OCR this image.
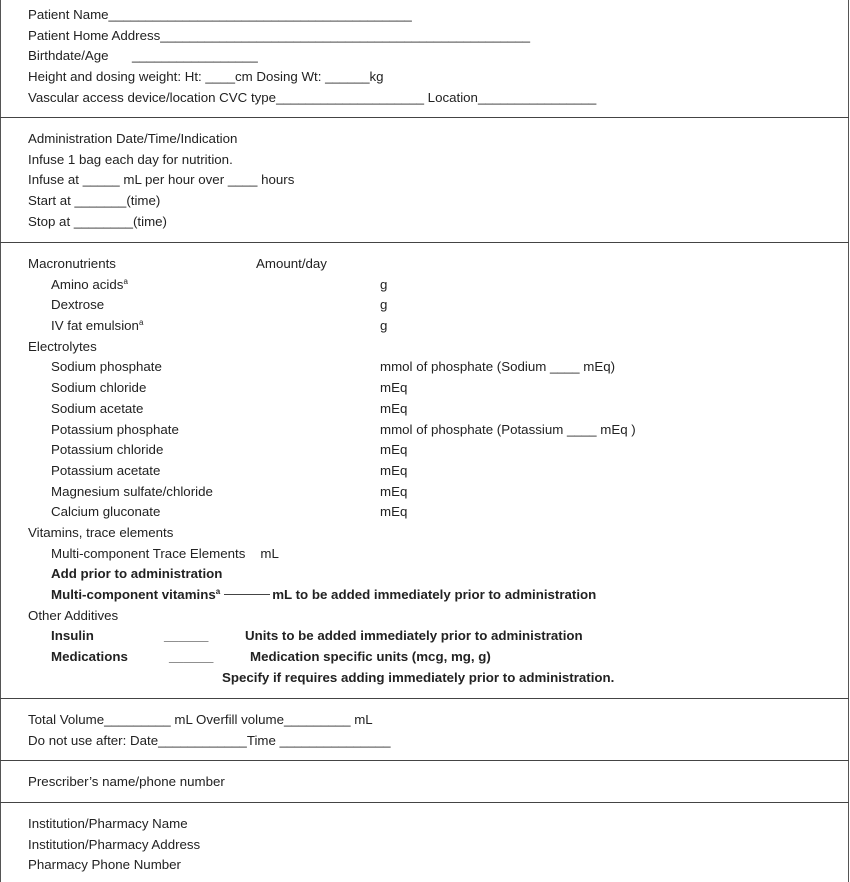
Patient Name_________________________________________
Patient Home Address__________________________________________________
Birthdate/Age _________________
Height and dosing weight: Ht: ____cm Dosing Wt: ______kg
Vascular access device/location CVC type____________________ Location________________
Administration Date/Time/Indication
Infuse 1 bag each day for nutrition.
Infuse at _____ mL per hour over ____ hours
Start at _______(time)
Stop at ________(time)
Macronutrients	Amount/day
Amino acids$^a$	g
Dextrose	g
IV fat emulsion$^a$	g
Electrolytes
Sodium phosphate	mmol of phosphate (Sodium ____ mEq)
Sodium chloride	mEq
Sodium acetate	mEq
Potassium phosphate	mmol of phosphate (Potassium ____ mEq )
Potassium chloride	mEq
Potassium acetate	mEq
Magnesium sulfate/chloride	mEq
Calcium gluconate	mEq
Vitamins, trace elements
Multi-component Trace Elements mL
Add prior to administration
Multi-component vitamins$^a$	mL to be added immediately prior to administration
Other Additives
Insulin	______	Units to be added immediately prior to administration
Medications	______	Medication specific units (mcg, mg, g)
Specify if requires adding immediately prior to administration.
Total Volume_________ mL Overfill volume_________ mL
Do not use after: Date____________Time _______________
Prescriber’s name/phone number
Institution/Pharmacy Name
Institution/Pharmacy Address
Pharmacy Phone Number
